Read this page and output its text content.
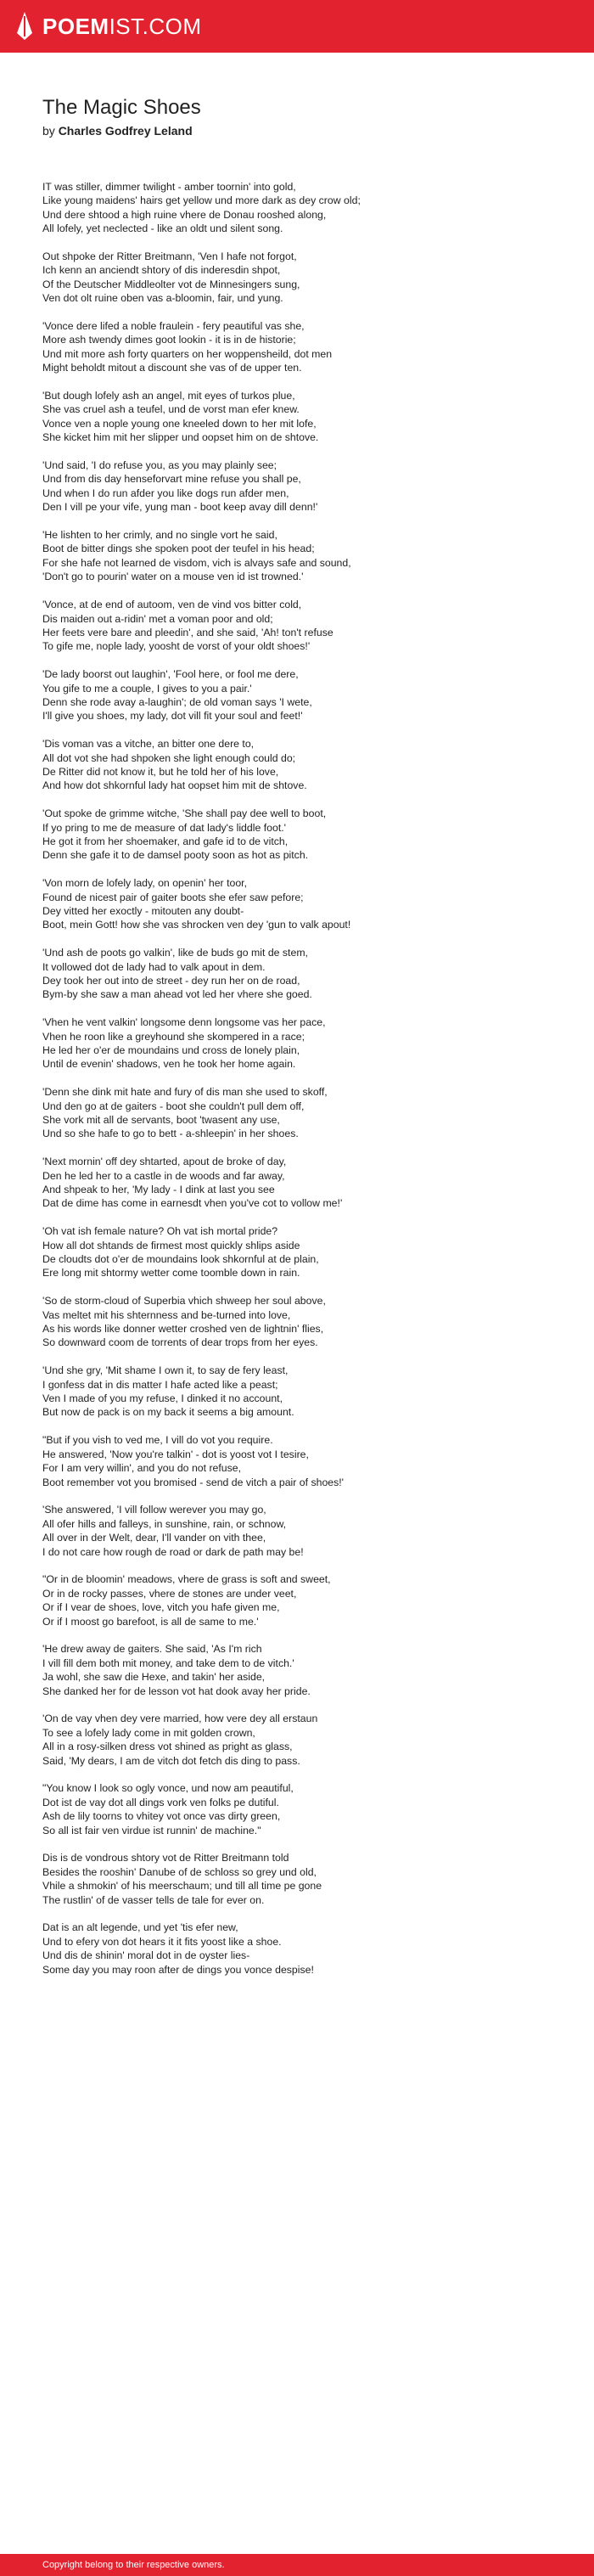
POEMIST.COM
The Magic Shoes
by Charles Godfrey Leland
IT was stiller, dimmer twilight - amber toornin' into gold,
Like young maidens' hairs get yellow und more dark as dey crow old;
Und dere shtood a high ruine vhere de Donau rooshed along,
All lofely, yet neclected - like an oldt und silent song.
Out shpoke der Ritter Breitmann, 'Ven I hafe not forgot,
Ich kenn an anciendt shtory of dis inderesdin shpot,
Of the Deutscher Middleolter vot de Minnesingers sung,
Ven dot olt ruine oben vas a-bloomin, fair, und yung.
'Vonce dere lifed a noble fraulein - fery peautiful vas she,
More ash twendy dimes goot lookin - it is in de historie;
Und mit more ash forty quarters on her woppensheild, dot men
Might beholdt mitout a discount she vas of de upper ten.
'But dough lofely ash an angel, mit eyes of turkos plue,
She vas cruel ash a teufel, und de vorst man efer knew.
Vonce ven a nople young one kneeled down to her mit lofe,
She kicket him mit her slipper und oopset him on de shtove.
'Und said, 'I do refuse you, as you may plainly see;
Und from dis day henseforvart mine refuse you shall pe,
Und when I do run afder you like dogs run afder men,
Den I vill pe your vife, yung man - boot keep avay dill denn!'
'He lishten to her crimly, and no single vort he said,
Boot de bitter dings she spoken poot der teufel in his head;
For she hafe not learned de visdom, vich is alvays safe and sound,
'Don't go to pourin' water on a mouse ven id ist trowned.'
'Vonce, at de end of autoom, ven de vind vos bitter cold,
Dis maiden out a-ridin' met a voman poor and old;
Her feets vere bare and pleedin', and she said, 'Ah! ton't refuse
To gife me, nople lady, yoosht de vorst of your oldt shoes!'
'De lady boorst out laughin', 'Fool here, or fool me dere,
You gife to me a couple, I gives to you a pair.'
Denn she rode avay a-laughin'; de old voman says 'I wete,
I'll give you shoes, my lady, dot vill fit your soul and feet!'
'Dis voman vas a vitche, an bitter one dere to,
All dot vot she had shpoken she light enough could do;
De Ritter did not know it, but he told her of his love,
And how dot shkornful lady hat oopset him mit de shtove.
'Out spoke de grimme witche, 'She shall pay dee well to boot,
If yo pring to me de measure of dat lady's liddle foot.'
He got it from her shoemaker, and gafe id to de vitch,
Denn she gafe it to de damsel pooty soon as hot as pitch.
'Von morn de lofely lady, on openin' her toor,
Found de nicest pair of gaiter boots she efer saw pefore;
Dey vitted her exoctly - mitouten any doubt-
Boot, mein Gott! how she vas shrocken ven dey 'gun to valk apout!
'Und ash de poots go valkin', like de buds go mit de stem,
It vollowed dot de lady had to valk apout in dem.
Dey took her out into de street - dey run her on de road,
Bym-by she saw a man ahead vot led her vhere she goed.
'Vhen he vent valkin' longsome denn longsome vas her pace,
Vhen he roon like a greyhound she skompered in a race;
He led her o'er de moundains und cross de lonely plain,
Until de evenin' shadows, ven he took her home again.
'Denn she dink mit hate and fury of dis man she used to skoff,
Und den go at de gaiters - boot she couldn't pull dem off,
She vork mit all de servants, boot 'twasent any use,
Und so she hafe to go to bett - a-shleepin' in her shoes.
'Next mornin' off dey shtarted, apout de broke of day,
Den he led her to a castle in de woods and far away,
And shpeak to her, 'My lady - I dink at last you see
Dat de dime has come in earnesdt vhen you've cot to vollow me!'
'Oh vat ish female nature? Oh vat ish mortal pride?
How all dot shtands de firmest most quickly shlips aside
De cloudts dot o'er de moundains look shkornful at de plain,
Ere long mit shtormy wetter come toomble down in rain.
'So de storm-cloud of Superbia vhich shweep her soul above,
Vas meltet mit his shternness and be-turned into love,
As his words like donner wetter croshed ven de lightnin' flies,
So downward coom de torrents of dear trops from her eyes.
'Und she gry, 'Mit shame I own it, to say de fery least,
I gonfess dat in dis matter I hafe acted like a peast;
Ven I made of you my refuse, I dinked it no account,
But now de pack is on my back it seems a big amount.
"But if you vish to ved me, I vill do vot you require.
He answered, 'Now you're talkin' - dot is yoost vot I tesire,
For I am very willin', and you do not refuse,
Boot remember vot you bromised - send de vitch a pair of shoes!'
'She answered, 'I vill follow werever you may go,
All ofer hills and falleys, in sunshine, rain, or schnow,
All over in der Welt, dear, I'll vander on vith thee,
I do not care how rough de road or dark de path may be!
"Or in de bloomin' meadows, vhere de grass is soft and sweet,
Or in de rocky passes, vhere de stones are under veet,
Or if I vear de shoes, love, vitch you hafe given me,
Or if I moost go barefoot, is all de same to me.'
'He drew away de gaiters. She said, 'As I'm rich
I vill fill dem both mit money, and take dem to de vitch.'
Ja wohl, she saw die Hexe, and takin' her aside,
She danked her for de lesson vot hat dook avay her pride.
'On de vay vhen dey vere married, how vere dey all erstaun
To see a lofely lady come in mit golden crown,
All in a rosy-silken dress vot shined as pright as glass,
Said, 'My dears, I am de vitch dot fetch dis ding to pass.
"You know I look so ogly vonce, und now am peautiful,
Dot ist de vay dot all dings vork ven folks pe dutiful.
Ash de lily toorns to vhitey vot once vas dirty green,
So all ist fair ven virdue ist runnin' de machine."
Dis is de vondrous shtory vot de Ritter Breitmann told
Besides the rooshin' Danube of de schloss so grey und old,
Vhile a shmokin' of his meerschaum; und till all time pe gone
The rustlin' of de vasser tells de tale for ever on.
Dat is an alt legende, und yet 'tis efer new,
Und to efery von dot hears it it fits yoost like a shoe.
Und dis de shinin' moral dot in de oyster lies-
Some day you may roon after de dings you vonce despise!
Copyright belong to their respective owners.
